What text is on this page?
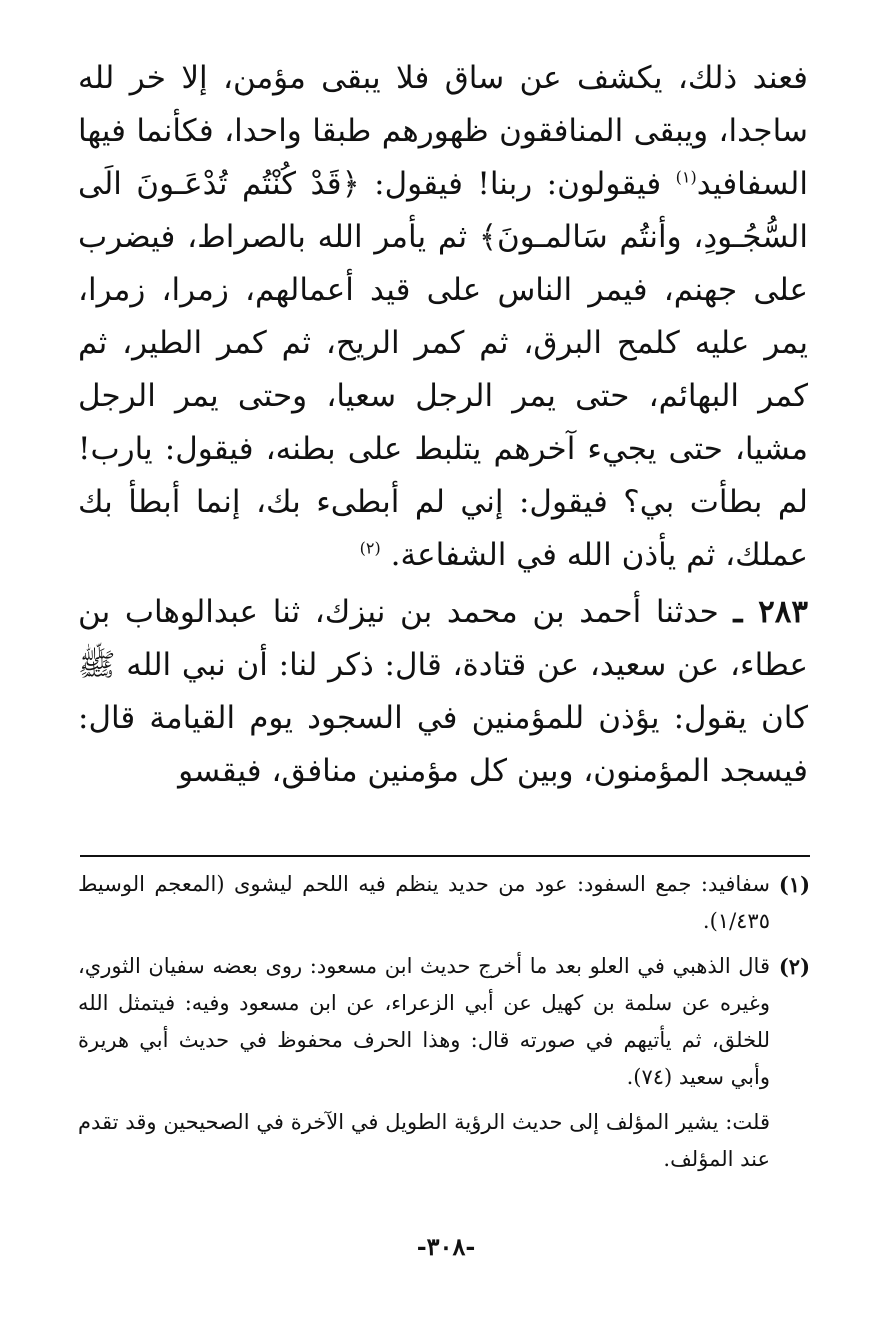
فعند ذلك، يكشف عن ساق فلا يبقى مؤمن، إلا خر لله ساجدا، ويبقى المنافقون ظهورهم طبقا واحدا، فكأنما فيها السفافيد$^{(١)}$ فيقولون: ربنا! فيقول: ﴿قَدْ كُنْتُم تُدْعَـونَ الَى السُّجُـودِ، وأنتُم سَالمـونَ﴾ ثم يأمر الله بالصراط، فيضرب على جهنم، فيمر الناس على قيد أعمالهم، زمرا، زمرا، يمر عليه كلمح البرق، ثم كمر الريح، ثم كمر الطير، ثم كمر البهائم، حتى يمر الرجل سعيا، وحتى يمر الرجل مشيا، حتى يجيء آخرهم يتلبط على بطنه، فيقول: يارب! لم بطأت بي؟ فيقول: إني لم أبطىء بك، إنما أبطأ بك عملك، ثم يأذن الله في الشفاعة. $^{(٢)}$

٢٨٣ ـ حدثنا أحمد بن محمد بن نيزك، ثنا عبدالوهاب بن عطاء، عن سعيد، عن قتادة، قال: ذكر لنا: أن نبي الله ﷺ كان يقول: يؤذن للمؤمنين في السجود يوم القيامة قال: فيسجد المؤمنون، وبين كل مؤمنين منافق، فيقسو

(١)
سفافيد: جمع السفود: عود من حديد ينظم فيه اللحم ليشوى (المعجم الوسيط ١/٤٣٥).

(٢)
قال الذهبي في العلو بعد ما أخرج حديث ابن مسعود: روى بعضه سفيان الثوري، وغيره عن سلمة بن كهيل عن أبي الزعراء، عن ابن مسعود وفيه: فيتمثل الله للخلق، ثم يأتيهم في صورته قال: وهذا الحرف محفوظ في حديث أبي هريرة وأبي سعيد (٧٤).

قلت: يشير المؤلف إلى حديث الرؤية الطويل في الآخرة في الصحيحين وقد تقدم عند المؤلف.

-٣٠٨-
